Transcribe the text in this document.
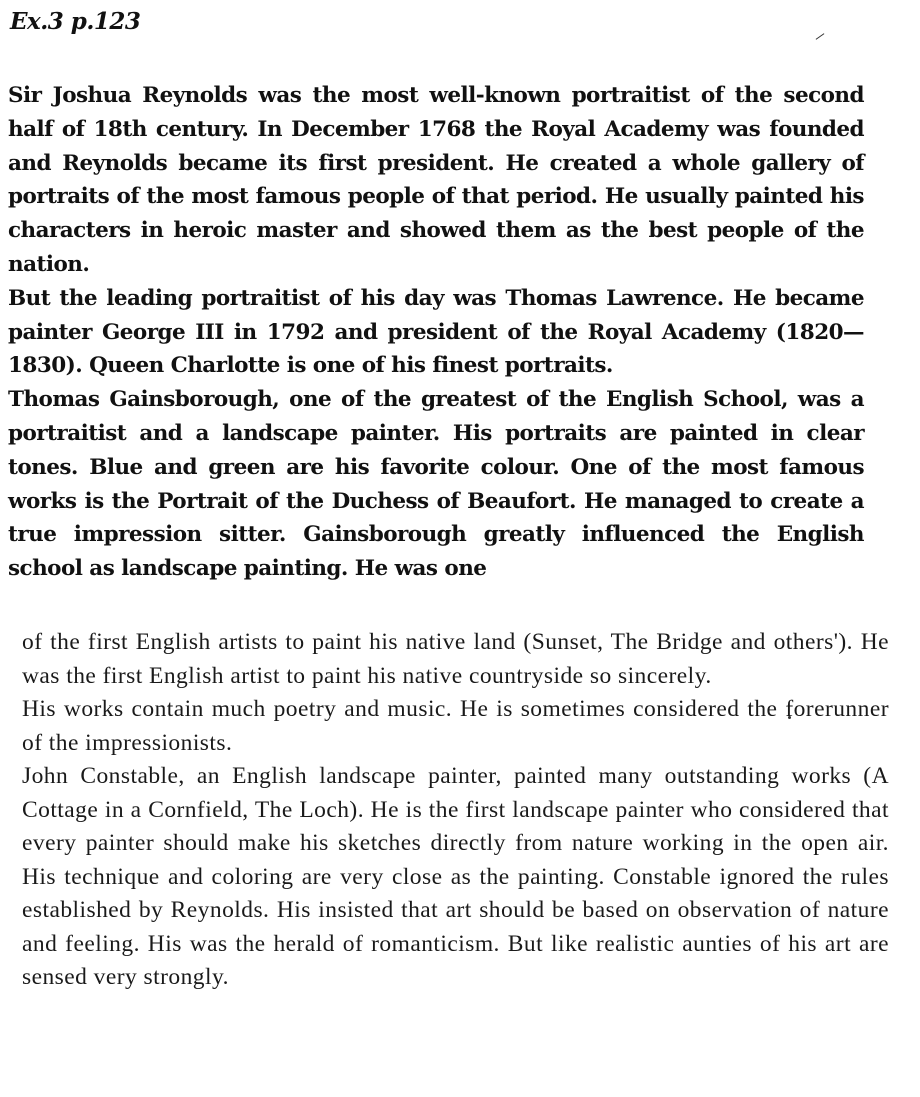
Ex.3 p.123

Sir Joshua Reynolds was the most well-known portraitist of the second half of 18th century. In December 1768 the Royal Academy was founded and Reynolds became its first president. He created a whole gallery of portraits of the most famous people of that period. He usually painted his characters in heroic master and showed them as the best people of the nation.

But the leading portraitist of his day was Thomas Lawrence. He became painter George III in 1792 and president of the Royal Academy (1820—1830). Queen Charlotte is one of his finest portraits.

Thomas Gainsborough, one of the greatest of the English School, was a portraitist and a landscape painter. His portraits are painted in clear tones. Blue and green are his favorite colour. One of the most famous works is the Portrait of the Duchess of Beaufort. He managed to create a true impression sitter. Gainsborough greatly influenced the English school as landscape painting. He was one

of the first English artists to paint his native land (Sunset, The Bridge and others'). He was the first English artist to paint his native countryside so sincerely.

His works contain much poetry and music. He is sometimes considered the forerunner of the impressionists.

John Constable, an English landscape painter, painted many outstanding works (A Cottage in a Cornfield, The Loch). He is the first landscape painter who considered that every painter should make his sketches directly from nature working in the open air. His technique and coloring are very close as the painting. Constable ignored the rules established by Reynolds. His insisted that art should be based on observation of nature and feeling. His was the herald of romanticism. But like realistic aunties of his art are sensed very strongly.
